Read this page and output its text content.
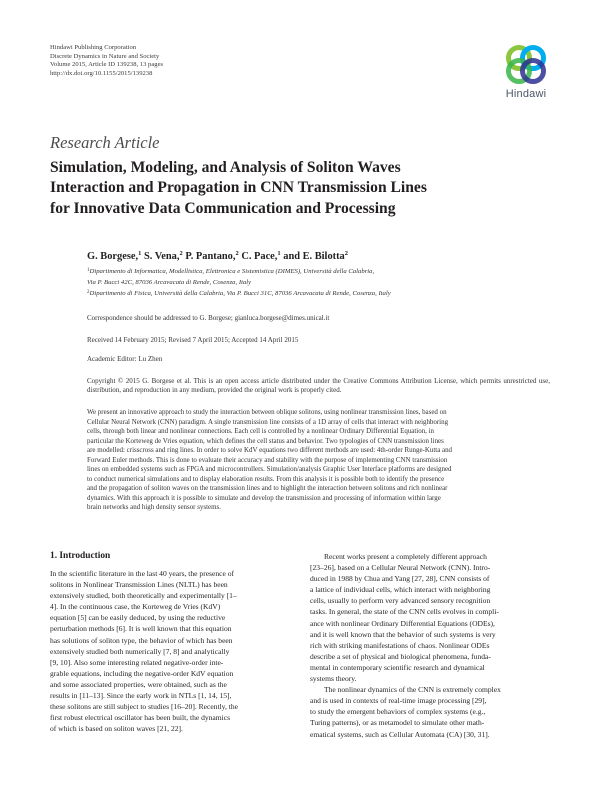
Hindawi Publishing Corporation
Discrete Dynamics in Nature and Society
Volume 2015, Article ID 139238, 13 pages
http://dx.doi.org/10.1155/2015/139238
Hindawi
Research Article
Simulation, Modeling, and Analysis of Soliton Waves
Interaction and Propagation in CNN Transmission Lines
for Innovative Data Communication and Processing
G. Borgese,$^1$ S. Vena,$^2$ P. Pantano,$^2$ C. Pace,$^1$ and E. Bilotta$^2$
$^1$Dipartimento di Informatica, Modellistica, Elettronica e Sistemistica (DIMES), Università della Calabria,
Via P. Bucci 42C, 87036 Arcavacata di Rende, Cosenza, Italy
$^2$Dipartimento di Fisica, Università della Calabria, Via P. Bucci 31C, 87036 Arcavacata di Rende, Cosenza, Italy
Correspondence should be addressed to G. Borgese; gianluca.borgese@dimes.unical.it
Received 14 February 2015; Revised 7 April 2015; Accepted 14 April 2015
Academic Editor: Lu Zhen
Copyright © 2015 G. Borgese et al. This is an open access article distributed under the Creative Commons Attribution License, which permits unrestricted use, distribution, and reproduction in any medium, provided the original work is properly cited.
We present an innovative approach to study the interaction between oblique solitons, using nonlinear transmission lines, based on
Cellular Neural Network (CNN) paradigm. A single transmission line consists of a 1D array of cells that interact with neighboring
cells, through both linear and nonlinear connections. Each cell is controlled by a nonlinear Ordinary Differential Equation, in
particular the Korteweg de Vries equation, which defines the cell status and behavior. Two typologies of CNN transmission lines
are modelled: crisscross and ring lines. In order to solve KdV equations two different methods are used: 4th-order Runge-Kutta and
Forward Euler methods. This is done to evaluate their accuracy and stability with the purpose of implementing CNN transmission
lines on embedded systems such as FPGA and microcontrollers. Simulation/analysis Graphic User Interface platforms are designed
to conduct numerical simulations and to display elaboration results. From this analysis it is possible both to identify the presence
and the propagation of soliton waves on the transmission lines and to highlight the interaction between solitons and rich nonlinear
dynamics. With this approach it is possible to simulate and develop the transmission and processing of information within large
brain networks and high density sensor systems.
1. Introduction
In the scientific literature in the last 40 years, the presence of
solitons in Nonlinear Transmission Lines (NLTL) has been
extensively studied, both theoretically and experimentally [1–
4]. In the continuous case, the Korteweg de Vries (KdV)
equation [5] can be easily deduced, by using the reductive
perturbation methods [6]. It is well known that this equation
has solutions of soliton type, the behavior of which has been
extensively studied both numerically [7, 8] and analytically
[9, 10]. Also some interesting related negative-order inte-
grable equations, including the negative-order KdV equation
and some associated properties, were obtained, such as the
results in [11–13]. Since the early work in NTLs [1, 14, 15],
these solitons are still subject to studies [16–20]. Recently, the
first robust electrical oscillator has been built, the dynamics
of which is based on soliton waves [21, 22].
Recent works present a completely different approach
[23–26], based on a Cellular Neural Network (CNN). Intro-
duced in 1988 by Chua and Yang [27, 28], CNN consists of
a lattice of individual cells, which interact with neighboring
cells, usually to perform very advanced sensory recognition
tasks. In general, the state of the CNN cells evolves in compli-
ance with nonlinear Ordinary Differential Equations (ODEs),
and it is well known that the behavior of such systems is very
rich with striking manifestations of chaos. Nonlinear ODEs
describe a set of physical and biological phenomena, funda-
mental in contemporary scientific research and dynamical
systems theory.
The nonlinear dynamics of the CNN is extremely complex
and is used in contexts of real-time image processing [29],
to study the emergent behaviors of complex systems (e.g.,
Turing patterns), or as metamodel to simulate other math-
ematical systems, such as Cellular Automata (CA) [30, 31].
